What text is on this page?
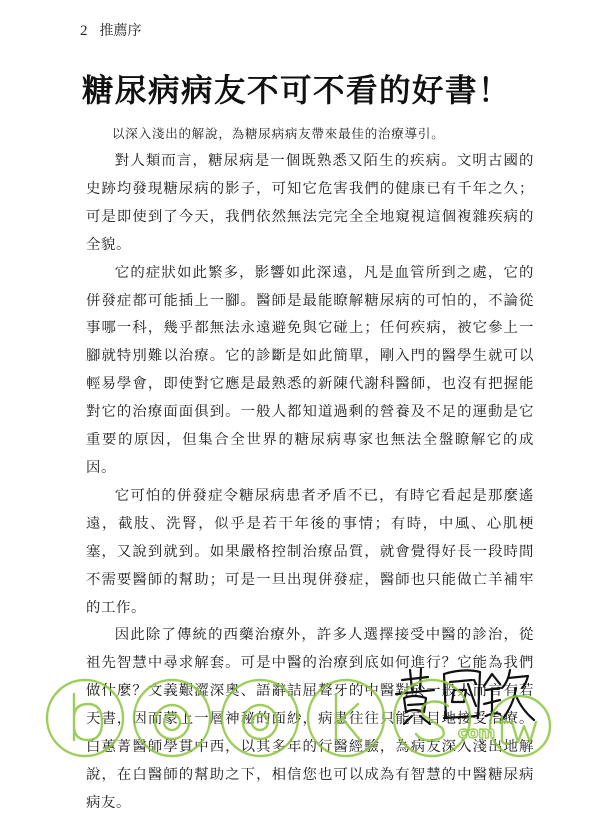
2 推薦序
糖尿病病友不可不看的好書！

以深入淺出的解說，為糖尿病病友帶來最佳的治療導引。

對人類而言，糖尿病是一個既熟悉又陌生的疾病。文明古國的史跡均發現糖尿病的影子，可知它危害我們的健康已有千年之久；可是即使到了今天，我們依然無法完完全全地窺視這個複雜疾病的全貌。

它的症狀如此繁多，影響如此深遠，凡是血管所到之處，它的併發症都可能插上一腳。醫師是最能瞭解糖尿病的可怕的，不論從事哪一科，幾乎都無法永遠避免與它碰上；任何疾病，被它參上一腳就特別難以治療。它的診斷是如此簡單，剛入門的醫學生就可以輕易學會，即使對它應是最熟悉的新陳代謝科醫師，也沒有把握能對它的治療面面俱到。一般人都知道過剩的營養及不足的運動是它重要的原因，但集合全世界的糖尿病專家也無法全盤瞭解它的成因。

它可怕的併發症令糖尿病患者矛盾不已，有時它看起是那麼遙遠，截肢、洗腎，似乎是若干年後的事情；有時，中風、心肌梗塞，又說到就到。如果嚴格控制治療品質，就會覺得好長一段時間不需要醫師的幫助；可是一旦出現併發症，醫師也只能做亡羊補牢的工作。

因此除了傳統的西藥治療外，許多人選擇接受中醫的診治，從祖先智慧中尋求解套。可是中醫的治療到底如何進行？它能為我們做什麼？文義艱澀深奧、語辭詰屈聱牙的中醫對於一般人而言有若天書，因而蒙上一層神秘的面紗，病患往往只能盲目地接受治療。白蕙菁醫師學貫中西，以其多年的行醫經驗，為病友深入淺出地解說，在白醫師的幫助之下，相信您也可以成為有智慧的中醫糖尿病病友。

com
